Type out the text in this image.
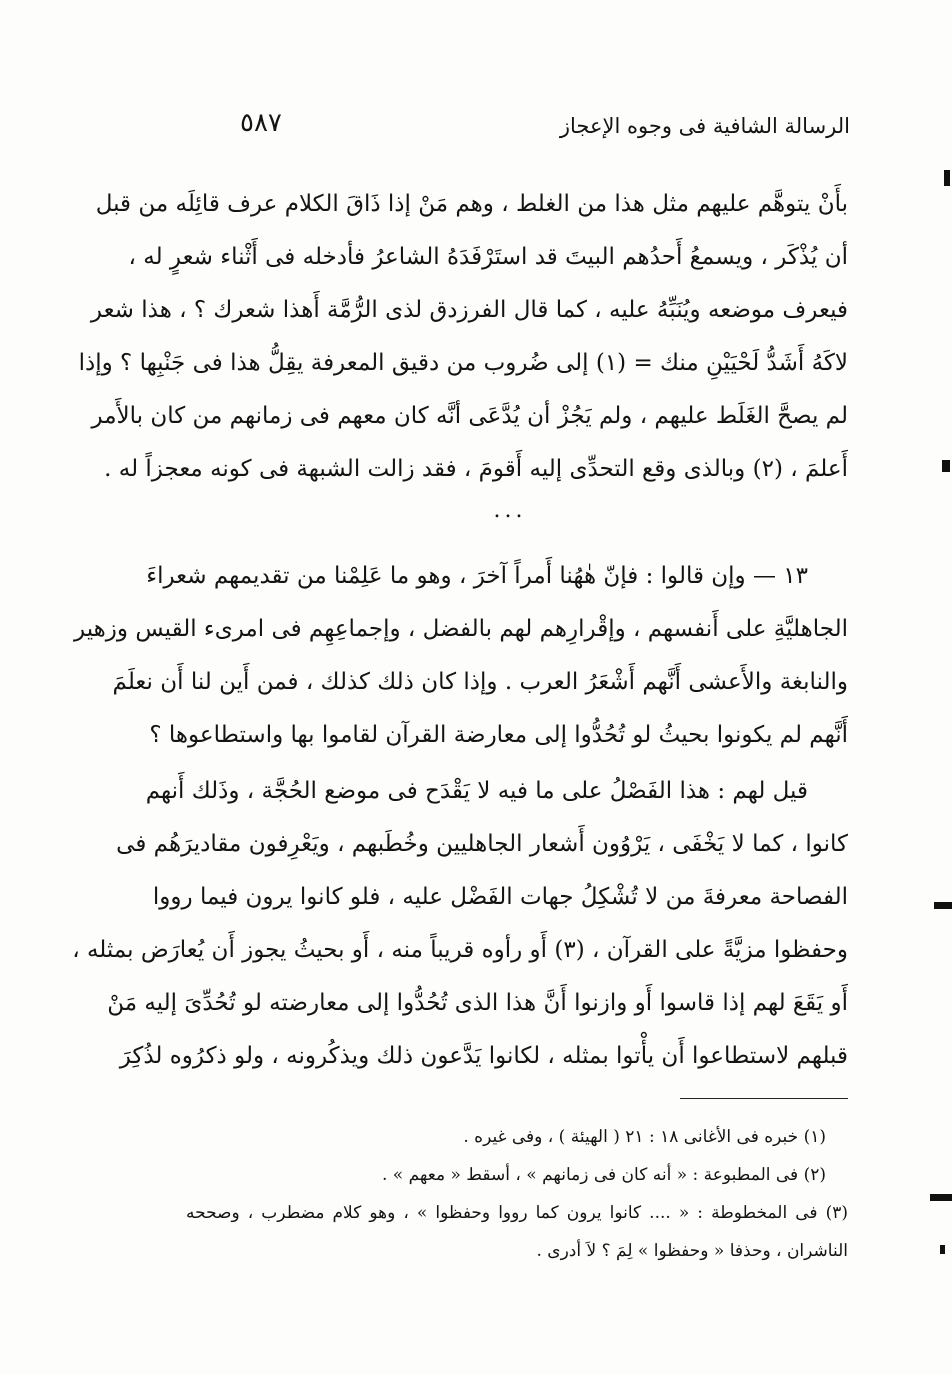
٥٨٧	الرسالة الشافية فى وجوه الإعجاز
بأَنْ يتوهَّم عليهم مثل هذا من الغلط ، وهم مَنْ إذا ذَاقَ الكلام عرف قائِلَه من قبل
أن يُذْكَر ، ويسمعُ أَحدُهم البيتَ قد استَرْفَدَهُ الشاعرُ فأدخله فى أَثْناء شعرٍ له ،
فيعرف موضعه ويُنَبِّهُ عليه ، كما قال الفرزدق لذى الرُّمَّة أَهذا شعرك ؟ ، هذا شعر
لاكَهُ أَشَدُّ لَحْيَيْنِ منك = (١) إلى ضُروب من دقيق المعرفة يقِلُّ هذا فى جَنْبِها ؟ وإذا
لم يصحَّ الغَلَط عليهم ، ولم يَجُزْ أن يُدَّعَى أنَّه كان معهم فى زمانهم من كان بالأَمر
أَعلمَ ، (٢) وبالذى وقع التحدِّى إليه أَقومَ ، فقد زالت الشبهة فى كونه معجزاً له .
...
١٣ — وإن قالوا : فإنّ هٰهُنا أَمراً آخرَ ، وهو ما عَلِمْنا من تقديمهم شعراءَ
الجاهليَّةِ على أَنفسهم ، وإقْرارِهم لهم بالفضل ، وإجماعِهِم فى امرىء القيس وزهير
والنابغة والأَعشى أَنَّهم أَشْعَرُ العرب . وإذا كان ذلك كذلك ، فمن أَين لنا أَن نعلَمَ
أَنَّهم لم يكونوا بحيثُ لو تُحُدُّوا إلى معارضة القرآن لقاموا بها واستطاعوها ؟
قيل لهم : هذا الفَصْلُ على ما فيه لا يَقْدَح فى موضع الحُجَّة ، وذَلك أَنهم
كانوا ، كما لا يَخْفَى ، يَرْوُون أَشعار الجاهليين وخُطَبهم ، ويَعْرِفون مقاديرَهُم فى
الفصاحة معرفةَ من لا تُشْكِلُ جهات الفَضْل عليه ، فلو كانوا يرون فيما رووا
وحفظوا مزيَّةً على القرآن ، (٣) أَو رأوه قريباً منه ، أَو بحيثُ يجوز أَن يُعارَض بمثله ،
أَو يَقَعَ لهم إذا قاسوا أَو وازنوا أَنَّ هذا الذى تُحُدُّوا إلى معارضته لو تُحُدِّىَ إليه مَنْ
قبلهم لاستطاعوا أَن يأْتوا بمثله ، لكانوا يَدَّعون ذلك ويذكُرونه ، ولو ذكرُوه لذُكِرَ
(١) خبره فى الأغانى ١٨ : ٢١ ( الهيئة ) ، وفى غيره .
(٢) فى المطبوعة : « أنه كان فى زمانهم » ، أسقط « معهم » .
(٣) فى المخطوطة : « .... كانوا يرون كما رووا وحفظوا » ، وهو كلام مضطرب ، وصححه
الناشران ، وحذفا « وحفظوا » لِمَ ؟ لاَ أدرى .
